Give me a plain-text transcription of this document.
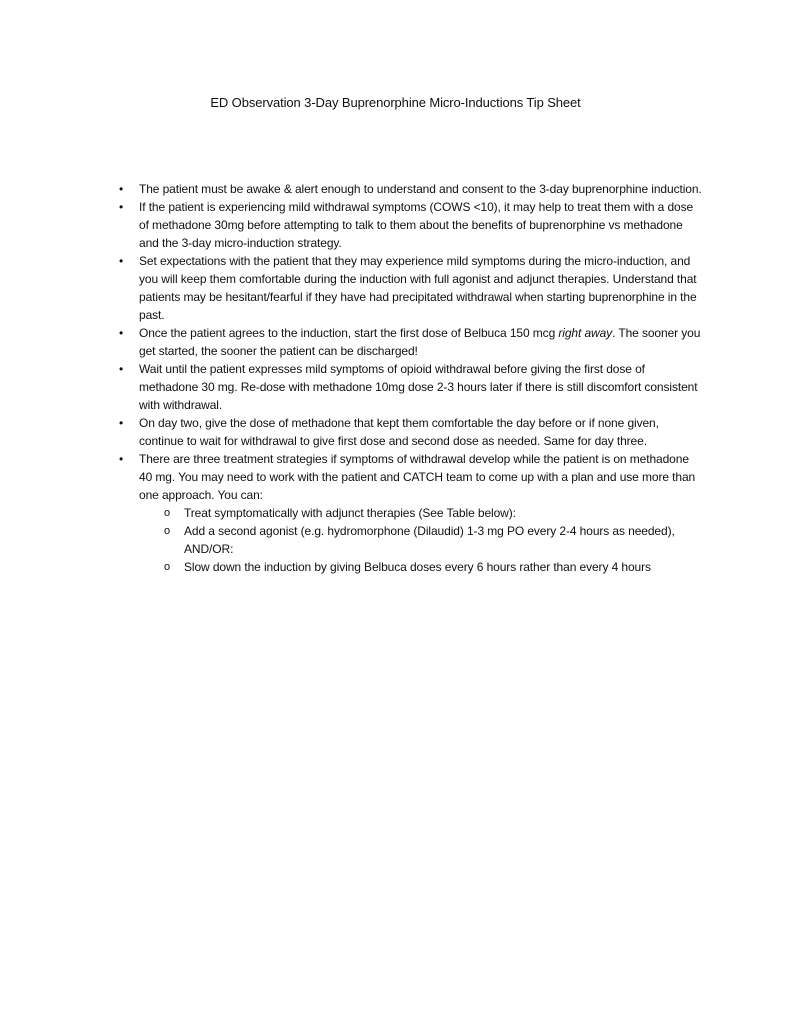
ED Observation 3-Day Buprenorphine Micro-Inductions Tip Sheet
•	The patient must be awake & alert enough to understand and consent to the 3-day buprenorphine induction.
•	If the patient is experiencing mild withdrawal symptoms (COWS <10), it may help to treat them with a dose of methadone 30mg before attempting to talk to them about the benefits of buprenorphine vs methadone and the 3-day micro-induction strategy.
•	Set expectations with the patient that they may experience mild symptoms during the micro-induction, and you will keep them comfortable during the induction with full agonist and adjunct therapies. Understand that patients may be hesitant/fearful if they have had precipitated withdrawal when starting buprenorphine in the past.
•	Once the patient agrees to the induction, start the first dose of Belbuca 150 mcg right away. The sooner you get started, the sooner the patient can be discharged!
•	Wait until the patient expresses mild symptoms of opioid withdrawal before giving the first dose of methadone 30 mg. Re-dose with methadone 10mg dose 2-3 hours later if there is still discomfort consistent with withdrawal.
•	On day two, give the dose of methadone that kept them comfortable the day before or if none given, continue to wait for withdrawal to give first dose and second dose as needed. Same for day three.
•	There are three treatment strategies if symptoms of withdrawal develop while the patient is on methadone 40 mg. You may need to work with the patient and CATCH team to come up with a plan and use more than one approach. You can:
o Treat symptomatically with adjunct therapies (See Table below):
o Add a second agonist (e.g. hydromorphone (Dilaudid) 1-3 mg PO every 2-4 hours as needed), AND/OR:
o Slow down the induction by giving Belbuca doses every 6 hours rather than every 4 hours
